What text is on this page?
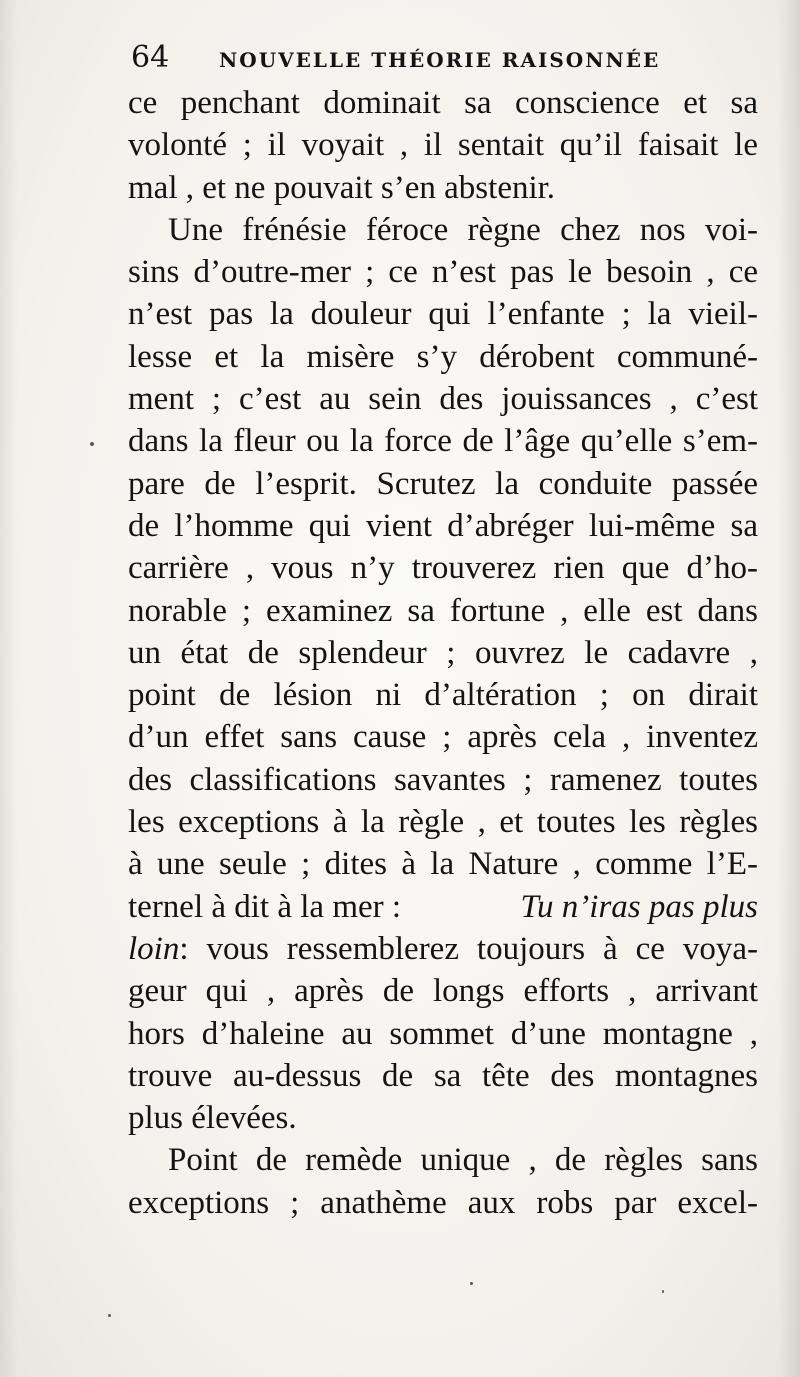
64 NOUVELLE THÉORIE RAISONNÉE
ce penchant dominait sa conscience et sa
volonté ; il voyait , il sentait qu’il faisait le
mal , et ne pouvait s’en abstenir.
Une frénésie féroce règne chez nos voi-
sins d’outre-mer ; ce n’est pas le besoin , ce
n’est pas la douleur qui l’enfante ; la vieil-
lesse et la misère s’y dérobent communé-
ment ; c’est au sein des jouissances , c’est
dans la fleur ou la force de l’âge qu’elle s’em-
pare de l’esprit. Scrutez la conduite passée
de l’homme qui vient d’abréger lui-même sa
carrière , vous n’y trouverez rien que d’ho-
norable ; examinez sa fortune , elle est dans
un état de splendeur ; ouvrez le cadavre ,
point de lésion ni d’altération ; on dirait
d’un effet sans cause ; après cela , inventez
des classifications savantes ; ramenez toutes
les exceptions à la règle , et toutes les règles
à une seule ; dites à la Nature , comme l’E-
ternel à dit à la mer :	Tu n’iras pas plus
loin : vous ressemblerez toujours à ce voya-
geur qui , après de longs efforts , arrivant
hors d’haleine au sommet d’une montagne ,
trouve au-dessus de sa tête des montagnes
plus élevées.
Point de remède unique , de règles sans
exceptions ; anathème aux robs par excel-
